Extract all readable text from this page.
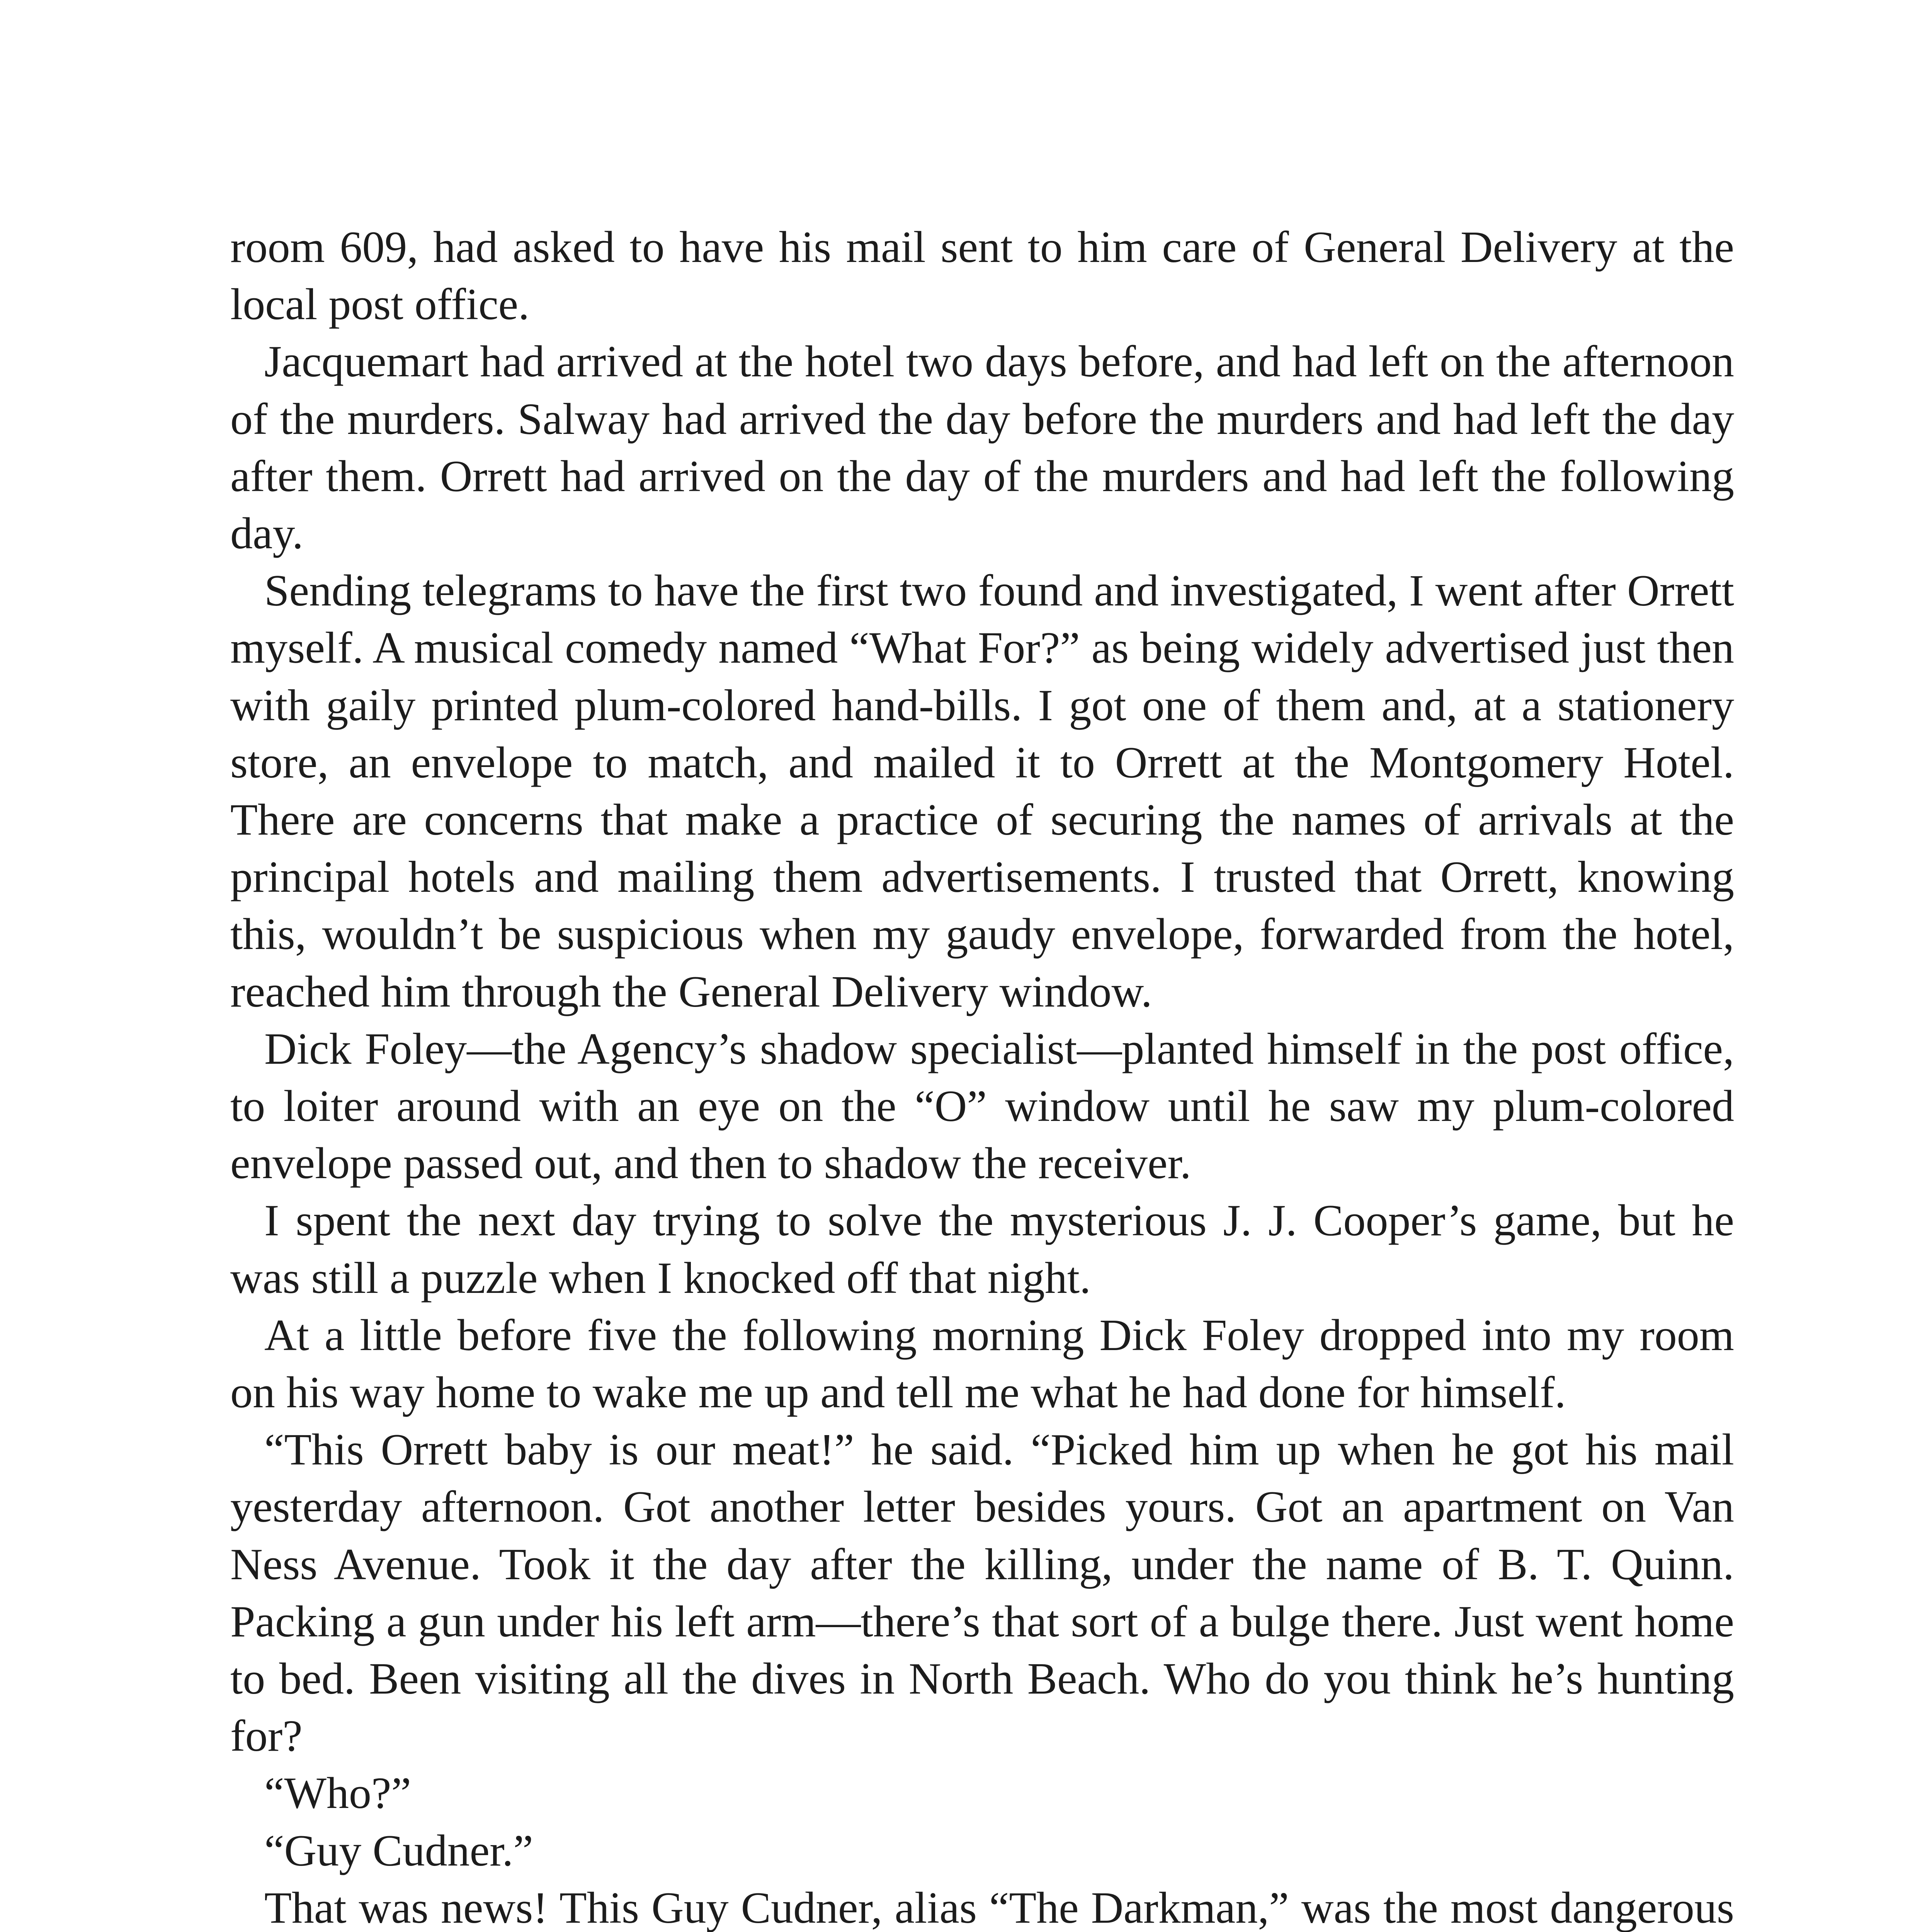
room 609, had asked to have his mail sent to him care of General Delivery at the local post office.

Jacquemart had arrived at the hotel two days before, and had left on the afternoon of the murders. Salway had arrived the day before the murders and had left the day after them. Orrett had arrived on the day of the murders and had left the following day.

Sending telegrams to have the first two found and investigated, I went after Orrett myself. A musical comedy named “What For?” as being widely advertised just then with gaily printed plum-colored hand-bills. I got one of them and, at a stationery store, an envelope to match, and mailed it to Orrett at the Montgomery Hotel. There are concerns that make a practice of securing the names of arrivals at the principal hotels and mailing them advertisements. I trusted that Orrett, knowing this, wouldn’t be suspicious when my gaudy envelope, forwarded from the hotel, reached him through the General Delivery window.

Dick Foley—the Agency’s shadow specialist—planted himself in the post office, to loiter around with an eye on the “O” window until he saw my plum-colored envelope passed out, and then to shadow the receiver.

I spent the next day trying to solve the mysterious J. J. Cooper’s game, but he was still a puzzle when I knocked off that night.

At a little before five the following morning Dick Foley dropped into my room on his way home to wake me up and tell me what he had done for himself.

“This Orrett baby is our meat!” he said. “Picked him up when he got his mail yesterday afternoon. Got another letter besides yours. Got an apartment on Van Ness Avenue. Took it the day after the killing, under the name of B. T. Quinn. Packing a gun under his left arm—there’s that sort of a bulge there. Just went home to bed. Been visiting all the dives in North Beach. Who do you think he’s hunting for?

“Who?”

“Guy Cudner.”

That was news! This Guy Cudner, alias “The Darkman,” was the most dangerous
